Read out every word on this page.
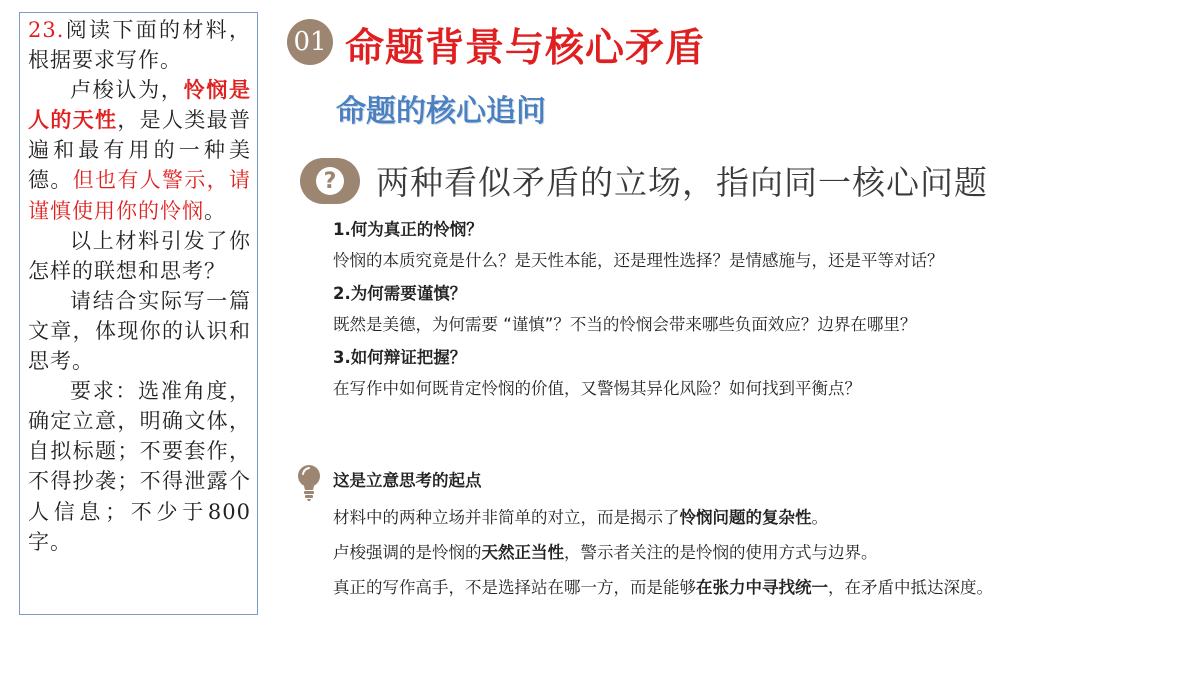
23.阅读下面的材料，根据要求写作。

卢梭认为，怜悯是人的天性，是人类最普遍和最有用的一种美德。但也有人警示，请谨慎使用你的怜悯。

以上材料引发了你怎样的联想和思考？

请结合实际写一篇文章，体现你的认识和思考。

要求：选准角度，确定立意，明确文体，自拟标题；不要套作，不得抄袭；不得泄露个人信息；不少于800字。

01 命题背景与核心矛盾
命题的核心追问
? 两种看似矛盾的立场，指向同一核心问题
1.何为真正的怜悯？
怜悯的本质究竟是什么？是天性本能，还是理性选择？是情感施与，还是平等对话？
2.为何需要谨慎？
既然是美德，为何需要 “谨慎”？不当的怜悯会带来哪些负面效应？边界在哪里？
3.如何辩证把握？
在写作中如何既肯定怜悯的价值，又警惕其异化风险？如何找到平衡点？
这是立意思考的起点

材料中的两种立场并非简单的对立，而是揭示了怜悯问题的复杂性。

卢梭强调的是怜悯的天然正当性，警示者关注的是怜悯的使用方式与边界。

真正的写作高手，不是选择站在哪一方，而是能够在张力中寻找统一，在矛盾中抵达深度。
